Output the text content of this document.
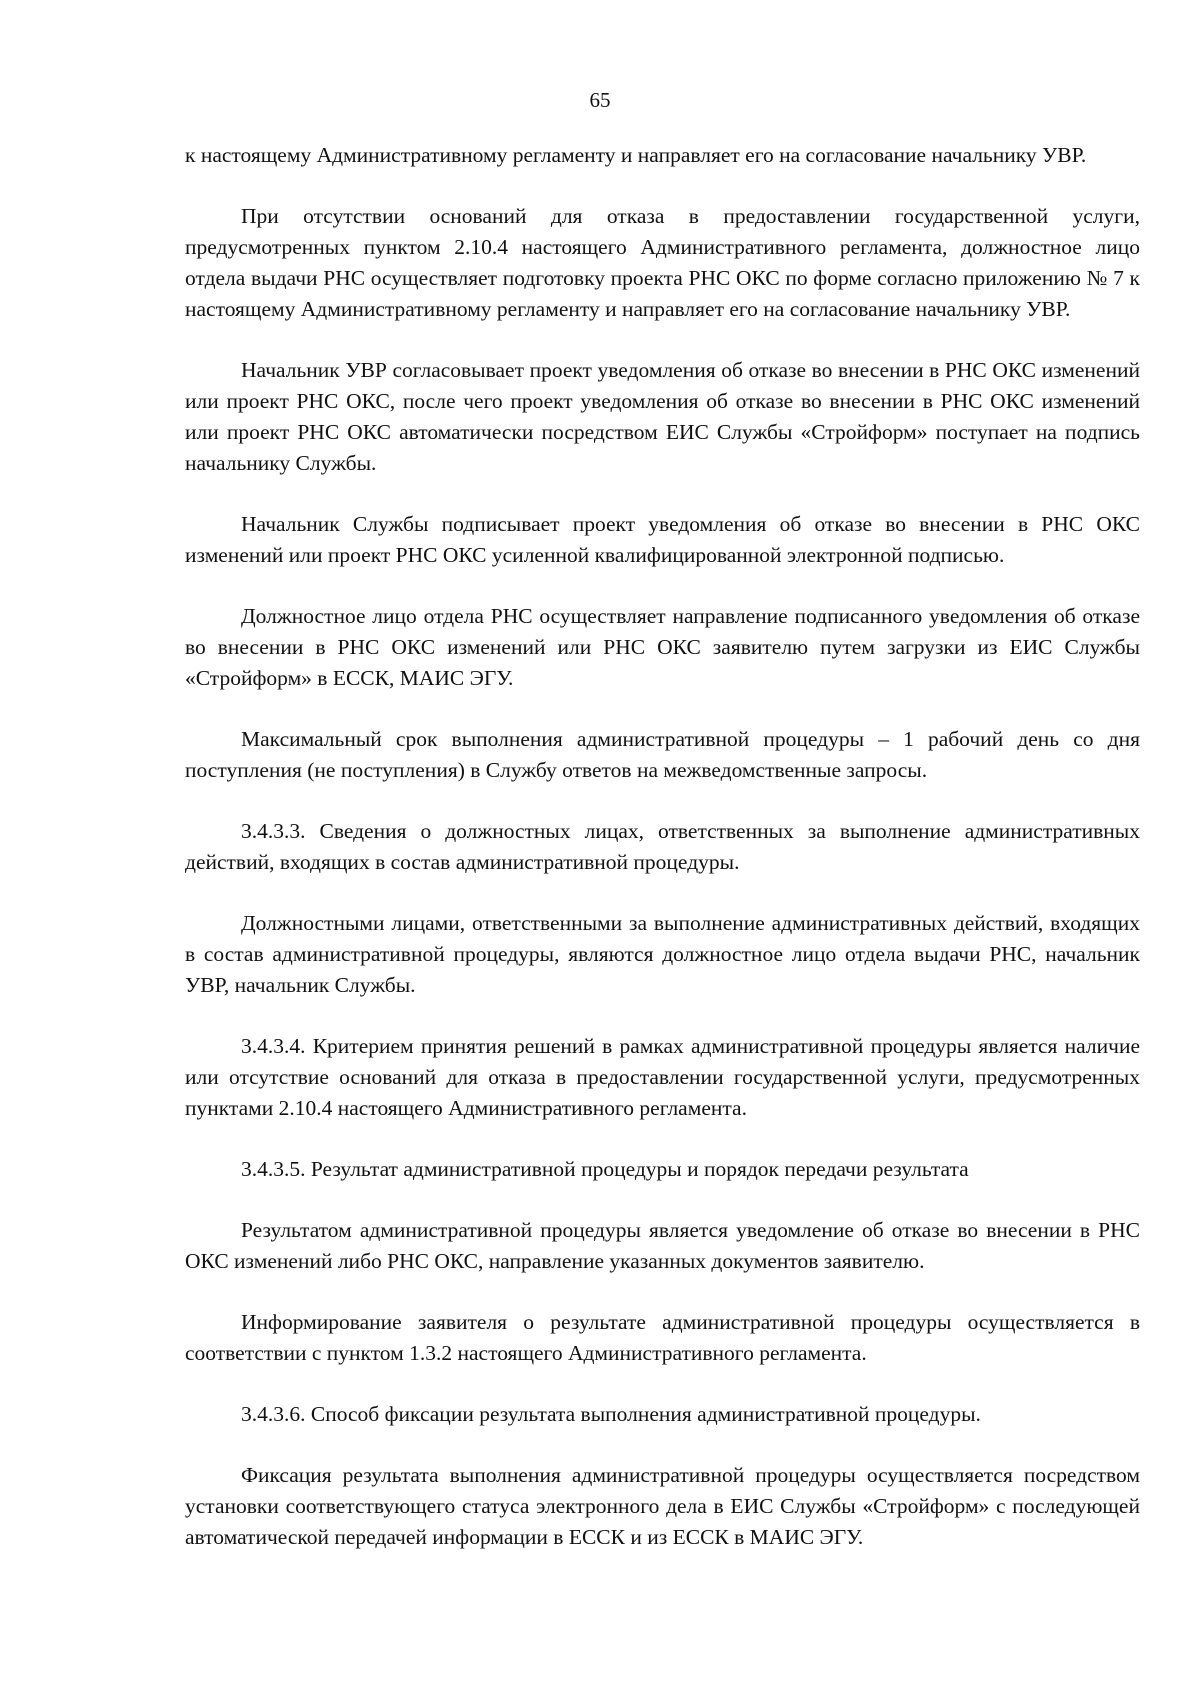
65

к настоящему Административному регламенту и направляет его на согласование начальнику УВР.

При отсутствии оснований для отказа в предоставлении государственной услуги, предусмотренных пунктом 2.10.4 настоящего Административного регламента, должностное лицо отдела выдачи РНС осуществляет подготовку проекта РНС ОКС по форме согласно приложению № 7 к настоящему Административному регламенту и направляет его на согласование начальнику УВР.

Начальник УВР согласовывает проект уведомления об отказе во внесении в РНС ОКС изменений или проект РНС ОКС, после чего проект уведомления об отказе во внесении в РНС ОКС изменений или проект РНС ОКС автоматически посредством ЕИС Службы «Стройформ» поступает на подпись начальнику Службы.

Начальник Службы подписывает проект уведомления об отказе во внесении в РНС ОКС изменений или проект РНС ОКС усиленной квалифицированной электронной подписью.

Должностное лицо отдела РНС осуществляет направление подписанного уведомления об отказе во внесении в РНС ОКС изменений или РНС ОКС заявителю путем загрузки из ЕИС Службы «Стройформ» в ЕССК, МАИС ЭГУ.

Максимальный срок выполнения административной процедуры – 1 рабочий день со дня поступления (не поступления) в Службу ответов на межведомственные запросы.

3.4.3.3. Сведения о должностных лицах, ответственных за выполнение административных действий, входящих в состав административной процедуры.

Должностными лицами, ответственными за выполнение административных действий, входящих в состав административной процедуры, являются должностное лицо отдела выдачи РНС, начальник УВР, начальник Службы.

3.4.3.4. Критерием принятия решений в рамках административной процедуры является наличие или отсутствие оснований для отказа в предоставлении государственной услуги, предусмотренных пунктами 2.10.4 настоящего Административного регламента.

3.4.3.5. Результат административной процедуры и порядок передачи результата

Результатом административной процедуры является уведомление об отказе во внесении в РНС ОКС изменений либо РНС ОКС, направление указанных документов заявителю.

Информирование заявителя о результате административной процедуры осуществляется в соответствии с пунктом 1.3.2 настоящего Административного регламента.

3.4.3.6. Способ фиксации результата выполнения административной процедуры.

Фиксация результата выполнения административной процедуры осуществляется посредством установки соответствующего статуса электронного дела в ЕИС Службы «Стройформ» с последующей автоматической передачей информации в ЕССК и из ЕССК в МАИС ЭГУ.
